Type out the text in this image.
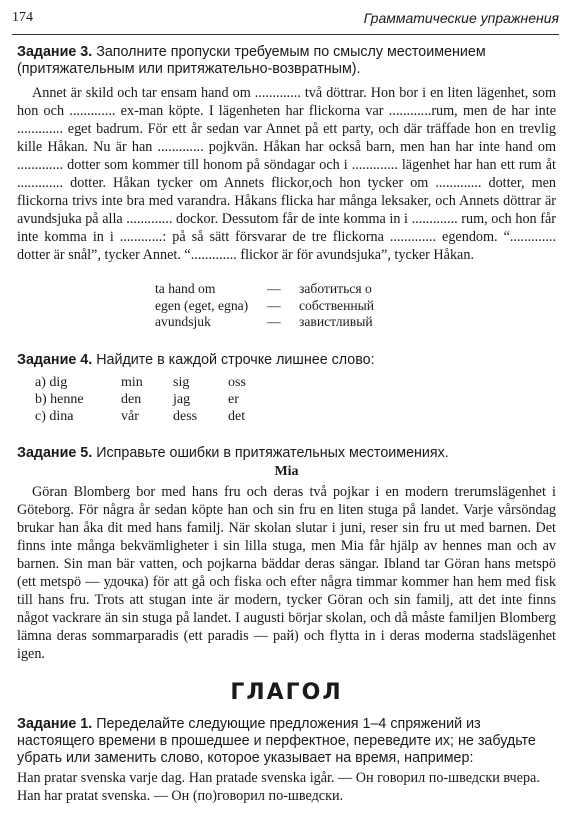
174	Грамматические упражнения
Задание 3. Заполните пропуски требуемым по смыслу местоимением (притяжательным или притяжательно-возвратным).

Annet är skild och tar ensam hand om ............. två döttrar. Hon bor i en liten lägenhet, som hon och ............. ex-man köpte. I lägenheten har flickorna var ............rum, men de har inte ............. eget badrum. För ett år sedan var Annet på ett party, och där träffade hon en trevlig kille Håkan. Nu är han ............. pojkvän. Håkan har också barn, men han har inte hand om ............. dotter som kommer till honom på söndagar och i ............. lägenhet har han ett rum åt ............. dotter. Håkan tycker om Annets flickor,och hon tycker om ............. dotter, men flickorna trivs inte bra med varandra. Håkans flicka har många leksaker, och Annets döttrar är avundsjuka på alla ............. dockor. Dessutom får de inte komma in i ............. rum, och hon får inte komma in i ............: på så sätt försvarar de tre flickorna ............. egendom. “............. dotter är snål”, tycker Annet. “............. flickor är för avundsjuka”, tycker Håkan.

ta hand om	—	заботиться о
egen (eget, egna)	—	собственный
avundsjuk	—	завистливый
Задание 4. Найдите в каждой строчке лишнее слово:
a) dig	min	sig	oss
b) henne	den	jag	er
c) dina	vår	dess	det
Задание 5. Исправьте ошибки в притяжательных местоимениях.
Mia

Göran Blomberg bor med hans fru och deras två pojkar i en modern trerumslägenhet i Göteborg. För några år sedan köpte han och sin fru en liten stuga på landet. Varje vårsöndag brukar han åka dit med hans familj. När skolan slutar i juni, reser sin fru ut med barnen. Det finns inte många bekvämligheter i sin lilla stuga, men Mia får hjälp av hennes man och av barnen. Sin man bär vatten, och pojkarna bäddar deras sängar. Ibland tar Göran hans metspö (ett metspö — удочка) för att gå och fiska och efter några timmar kommer han hem med fisk till hans fru. Trots att stugan inte är modern, tycker Göran och sin familj, att det inte finns något vackrare än sin stuga på landet. I augusti börjar skolan, och då måste familjen Blomberg lämna deras sommarparadis (ett paradis — рай) och flytta in i deras moderna stadslägenhet igen.

ГЛАГОЛ
Задание 1. Переделайте следующие предложения 1–4 спряжений из настоящего времени в прошедшее и перфектное, переведите их; не забудьте убрать или заменить слово, которое указывает на время, например:
Han pratar svenska varje dag. Han pratade svenska igår. — Он говорил по-шведски вчера.
Han har pratat svenska. — Он (по)говорил по-шведски.
